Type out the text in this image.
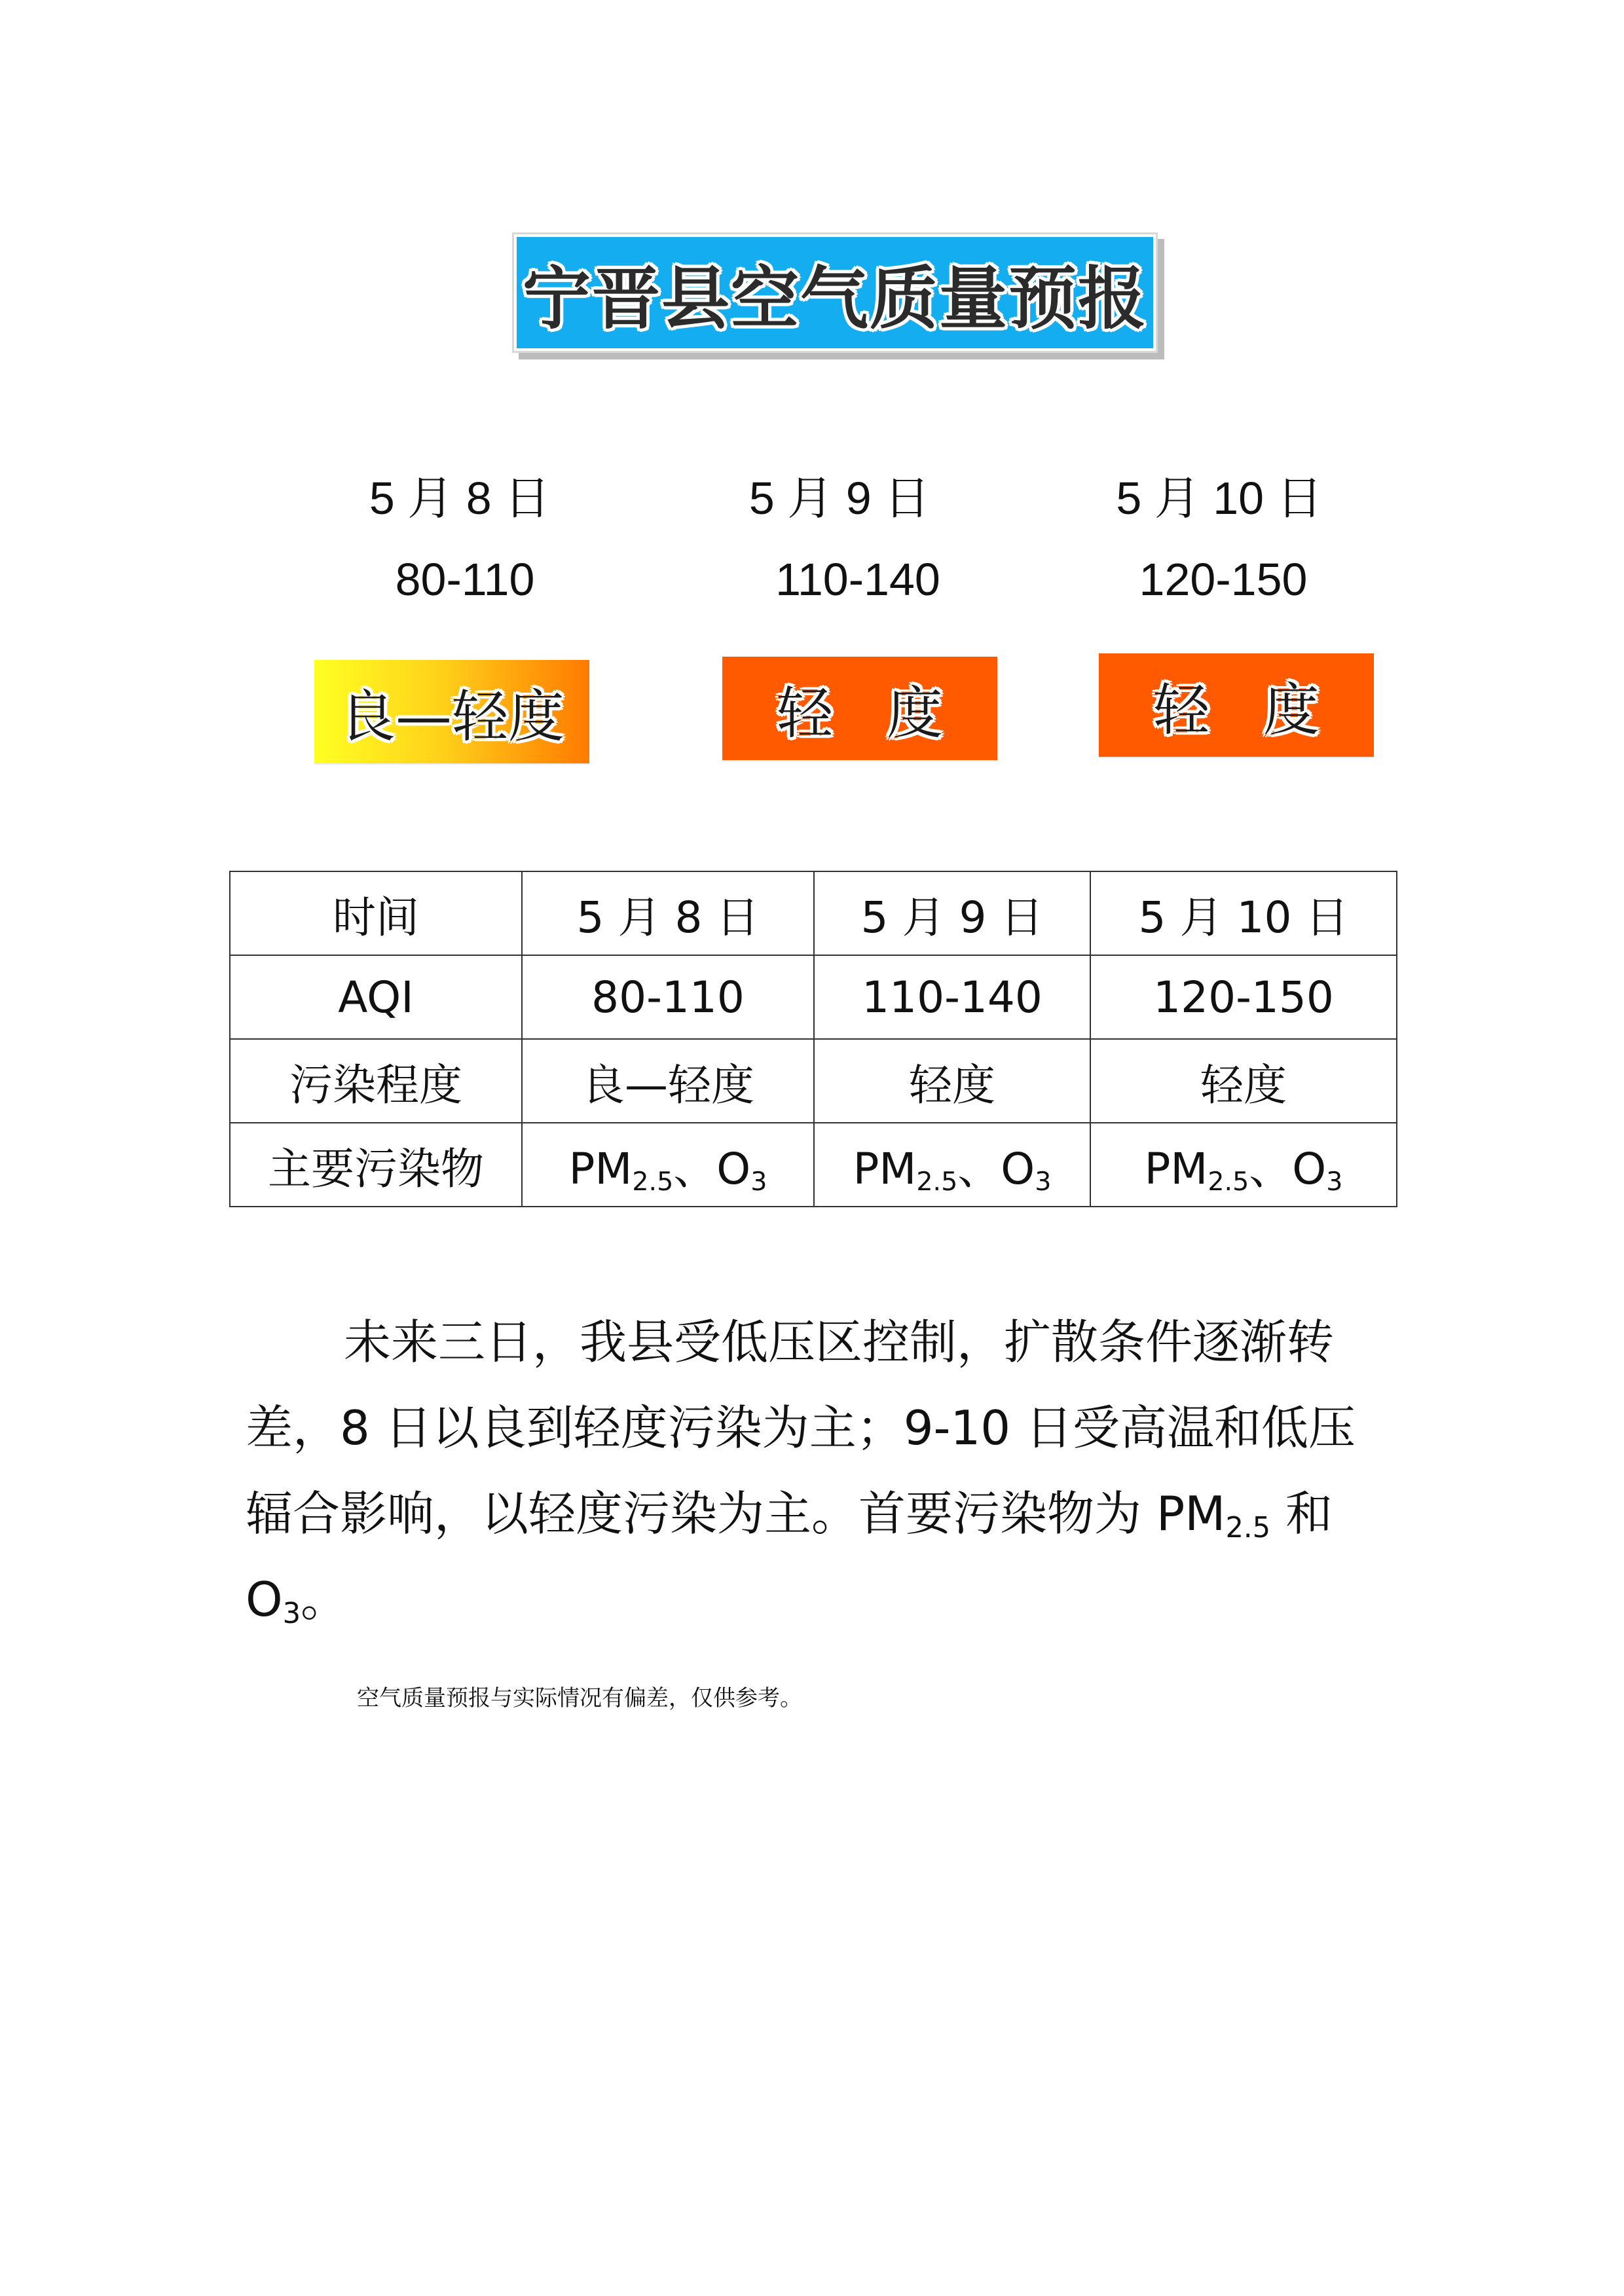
宁晋县空气质量预报
5 月 8 日	5 月 9 日	5 月 10 日
80-110	110-140	120-150
良—轻度	轻度	轻度
时间	5 月 8 日	5 月 9 日	5 月 10 日
AQI	80-110	110-140	120-150
污染程度	良—轻度	轻度	轻度
主要污染物	$PM_{2.5}$、$O_3$	$PM_{2.5}$、$O_3$	$PM_{2.5}$、$O_3$
未来三日，我县受低压区控制，扩散条件逐渐转
差，8 日以良到轻度污染为主；9-10 日受高温和低压
辐合影响，以轻度污染为主。首要污染物为 $PM_{2.5}$ 和
$O_3$。
空气质量预报与实际情况有偏差，仅供参考。
